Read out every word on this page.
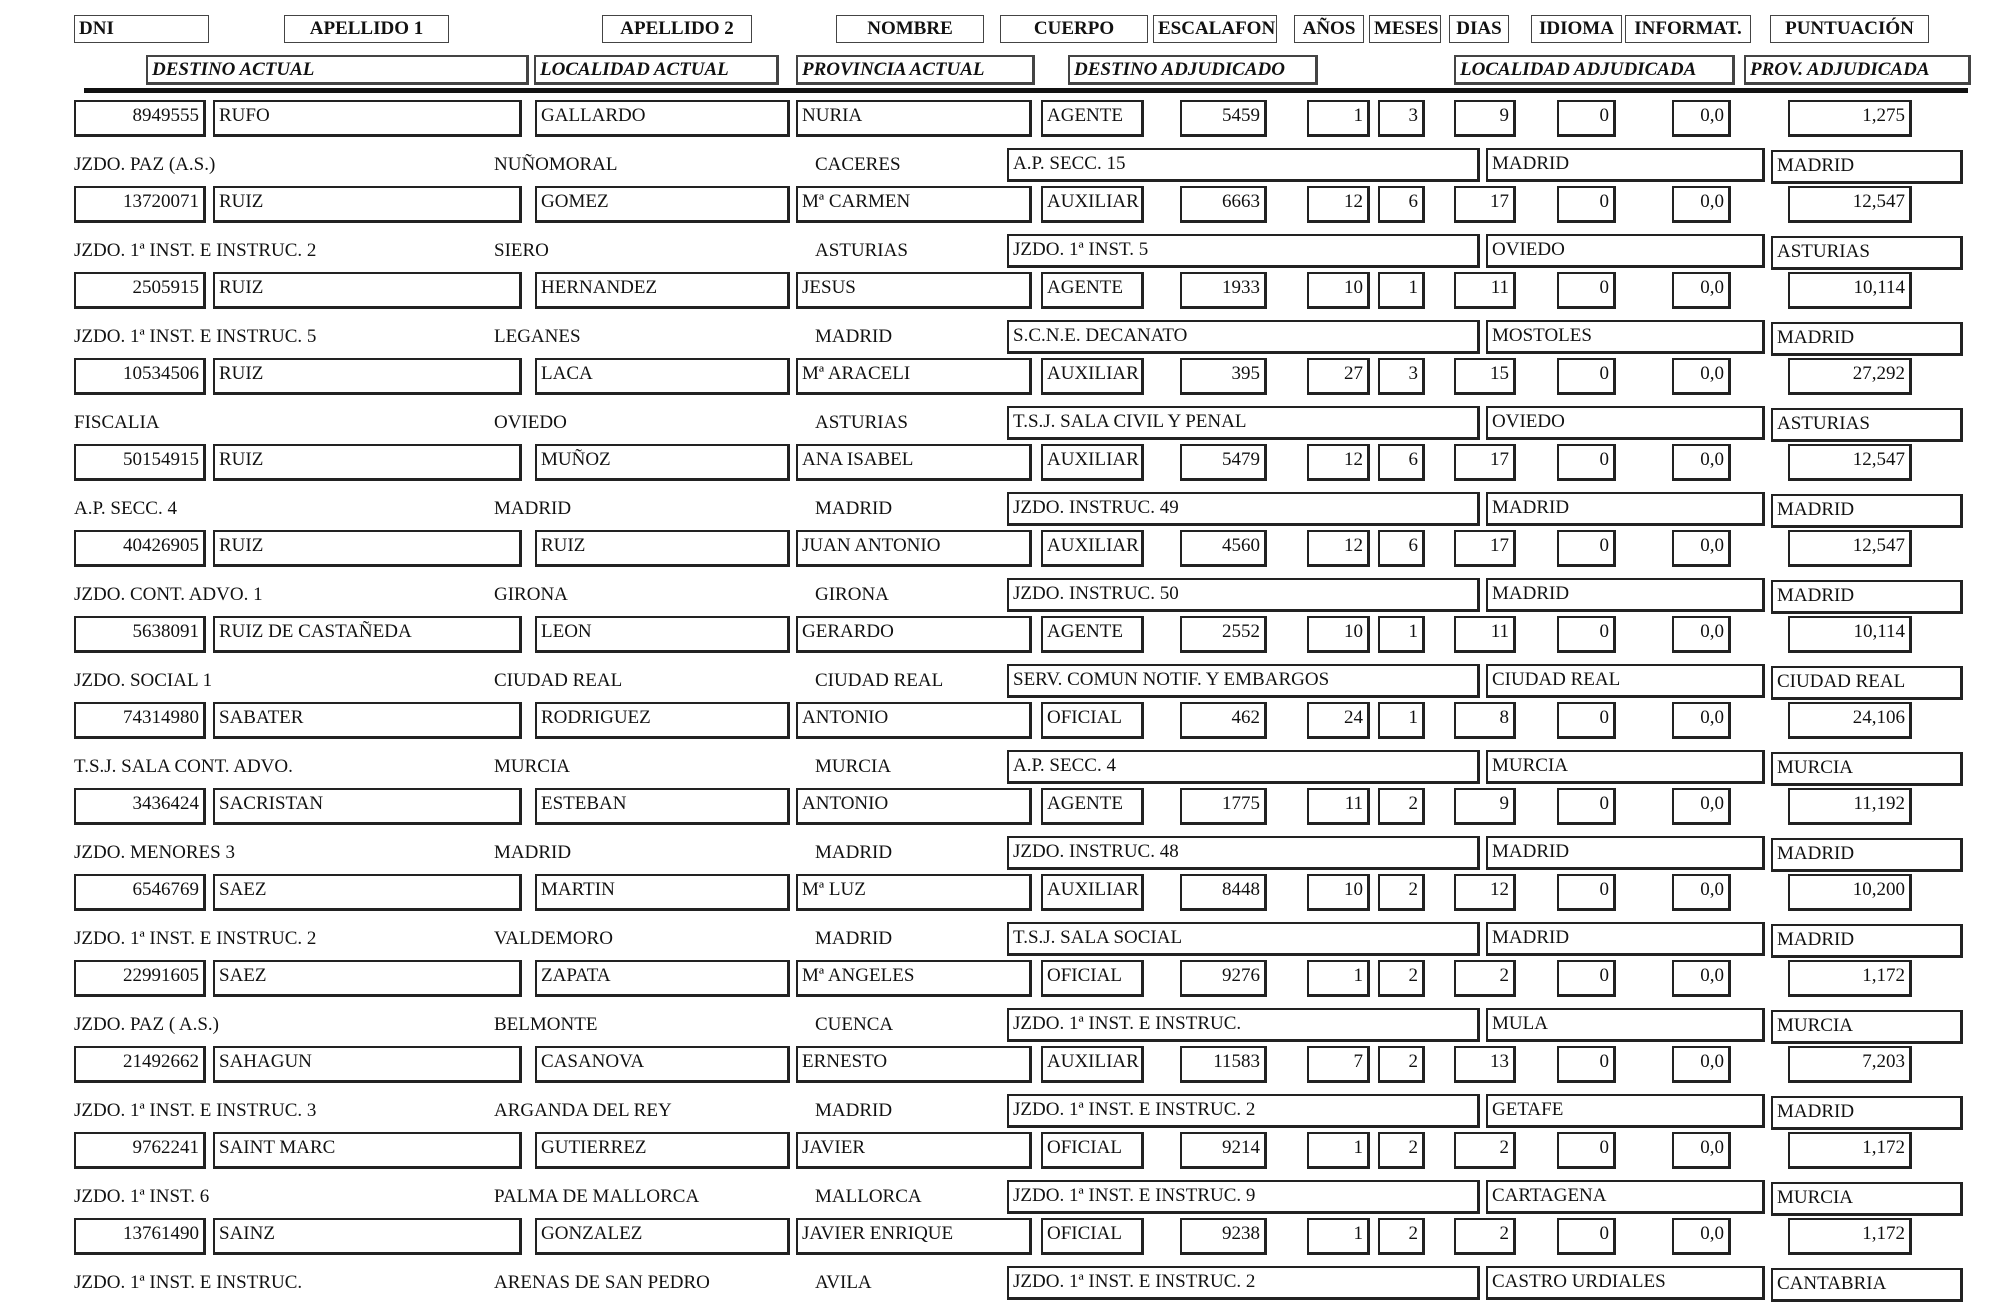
DNI	APELLIDO 1	APELLIDO 2	NOMBRE	CUERPO	ESCALAFON	AÑOS MESES DIAS	IDIOMA	INFORMAT.	PUNTUACIÓN
DESTINO ACTUAL	LOCALIDAD ACTUAL	PROVINCIA ACTUAL	DESTINO ADJUDICADO	LOCALIDAD ADJUDICADA	PROV. ADJUDICADA
8949555	RUFO	GALLARDO	NURIA	AGENTE	5459	1	3	9	0	0,0	1,275
JZDO. PAZ (A.S.)	NUÑOMORAL	CACERES	A.P. SECC. 15	MADRID	MADRID
13720071	RUIZ	GOMEZ	Mª CARMEN	AUXILIAR	6663	12	6	17	0	0,0	12,547
JZDO. 1ª INST. E INSTRUC. 2	SIERO	ASTURIAS	JZDO. 1ª INST. 5	OVIEDO	ASTURIAS
2505915	RUIZ	HERNANDEZ	JESUS	AGENTE	1933	10	1	11	0	0,0	10,114
JZDO. 1ª INST. E INSTRUC. 5	LEGANES	MADRID	S.C.N.E. DECANATO	MOSTOLES	MADRID
10534506	RUIZ	LACA	Mª ARACELI	AUXILIAR	395	27	3	15	0	0,0	27,292
FISCALIA	OVIEDO	ASTURIAS	T.S.J. SALA CIVIL Y PENAL	OVIEDO	ASTURIAS
50154915	RUIZ	MUÑOZ	ANA ISABEL	AUXILIAR	5479	12	6	17	0	0,0	12,547
A.P. SECC. 4	MADRID	MADRID	JZDO. INSTRUC. 49	MADRID	MADRID
40426905	RUIZ	RUIZ	JUAN ANTONIO	AUXILIAR	4560	12	6	17	0	0,0	12,547
JZDO. CONT. ADVO. 1	GIRONA	GIRONA	JZDO. INSTRUC. 50	MADRID	MADRID
5638091	RUIZ DE CASTAÑEDA	LEON	GERARDO	AGENTE	2552	10	1	11	0	0,0	10,114
JZDO. SOCIAL 1	CIUDAD REAL	CIUDAD REAL	SERV. COMUN NOTIF. Y EMBARGOS	CIUDAD REAL	CIUDAD REAL
74314980	SABATER	RODRIGUEZ	ANTONIO	OFICIAL	462	24	1	8	0	0,0	24,106
T.S.J. SALA CONT. ADVO.	MURCIA	MURCIA	A.P. SECC. 4	MURCIA	MURCIA
3436424	SACRISTAN	ESTEBAN	ANTONIO	AGENTE	1775	11	2	9	0	0,0	11,192
JZDO. MENORES 3	MADRID	MADRID	JZDO. INSTRUC. 48	MADRID	MADRID
6546769	SAEZ	MARTIN	Mª LUZ	AUXILIAR	8448	10	2	12	0	0,0	10,200
JZDO. 1ª INST. E INSTRUC. 2	VALDEMORO	MADRID	T.S.J. SALA SOCIAL	MADRID	MADRID
22991605	SAEZ	ZAPATA	Mª ANGELES	OFICIAL	9276	1	2	2	0	0,0	1,172
JZDO. PAZ ( A.S.)	BELMONTE	CUENCA	JZDO. 1ª INST. E INSTRUC.	MULA	MURCIA
21492662	SAHAGUN	CASANOVA	ERNESTO	AUXILIAR	11583	7	2	13	0	0,0	7,203
JZDO. 1ª INST. E INSTRUC. 3	ARGANDA DEL REY	MADRID	JZDO. 1ª INST. E INSTRUC. 2	GETAFE	MADRID
9762241	SAINT MARC	GUTIERREZ	JAVIER	OFICIAL	9214	1	2	2	0	0,0	1,172
JZDO. 1ª INST. 6	PALMA DE MALLORCA	MALLORCA	JZDO. 1ª INST. E INSTRUC. 9	CARTAGENA	MURCIA
13761490	SAINZ	GONZALEZ	JAVIER ENRIQUE	OFICIAL	9238	1	2	2	0	0,0	1,172
JZDO. 1ª INST. E INSTRUC.	ARENAS DE SAN PEDRO	AVILA	JZDO. 1ª INST. E INSTRUC. 2	CASTRO URDIALES	CANTABRIA
